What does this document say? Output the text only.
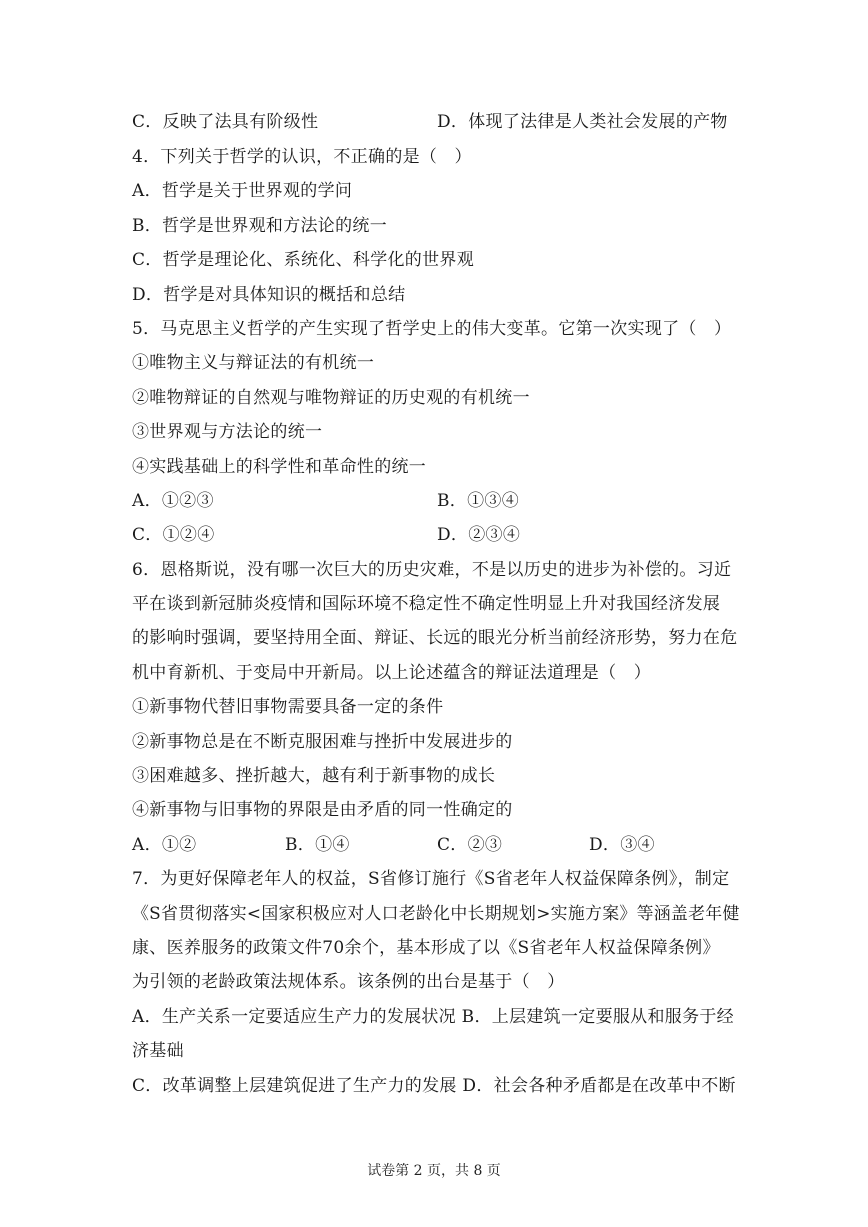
C．反映了法具有阶级性	D．体现了法律是人类社会发展的产物
4．下列关于哲学的认识，不正确的是（　）
A．哲学是关于世界观的学问
B．哲学是世界观和方法论的统一
C．哲学是理论化、系统化、科学化的世界观
D．哲学是对具体知识的概括和总结
5．马克思主义哲学的产生实现了哲学史上的伟大变革。它第一次实现了（　）
①唯物主义与辩证法的有机统一
②唯物辩证的自然观与唯物辩证的历史观的有机统一
③世界观与方法论的统一
④实践基础上的科学性和革命性的统一
A．①②③	B．①③④
C．①②④	D．②③④
6．恩格斯说，没有哪一次巨大的历史灾难，不是以历史的进步为补偿的。习近
平在谈到新冠肺炎疫情和国际环境不稳定性不确定性明显上升对我国经济发展
的影响时强调，要坚持用全面、辩证、长远的眼光分析当前经济形势，努力在危
机中育新机、于变局中开新局。以上论述蕴含的辩证法道理是（　）
①新事物代替旧事物需要具备一定的条件
②新事物总是在不断克服困难与挫折中发展进步的
③困难越多、挫折越大，越有利于新事物的成长
④新事物与旧事物的界限是由矛盾的同一性确定的
A．①②	B．①④	C．②③	D．③④
7．为更好保障老年人的权益，S省修订施行《S省老年人权益保障条例》，制定
《S省贯彻落实<国家积极应对人口老龄化中长期规划>实施方案》等涵盖老年健
康、医养服务的政策文件70余个，基本形成了以《S省老年人权益保障条例》
为引领的老龄政策法规体系。该条例的出台是基于（　）
A．生产关系一定要适应生产力的发展状况 B．上层建筑一定要服从和服务于经
济基础
C．改革调整上层建筑促进了生产力的发展 D．社会各种矛盾都是在改革中不断
试卷第 2 页，共 8 页
